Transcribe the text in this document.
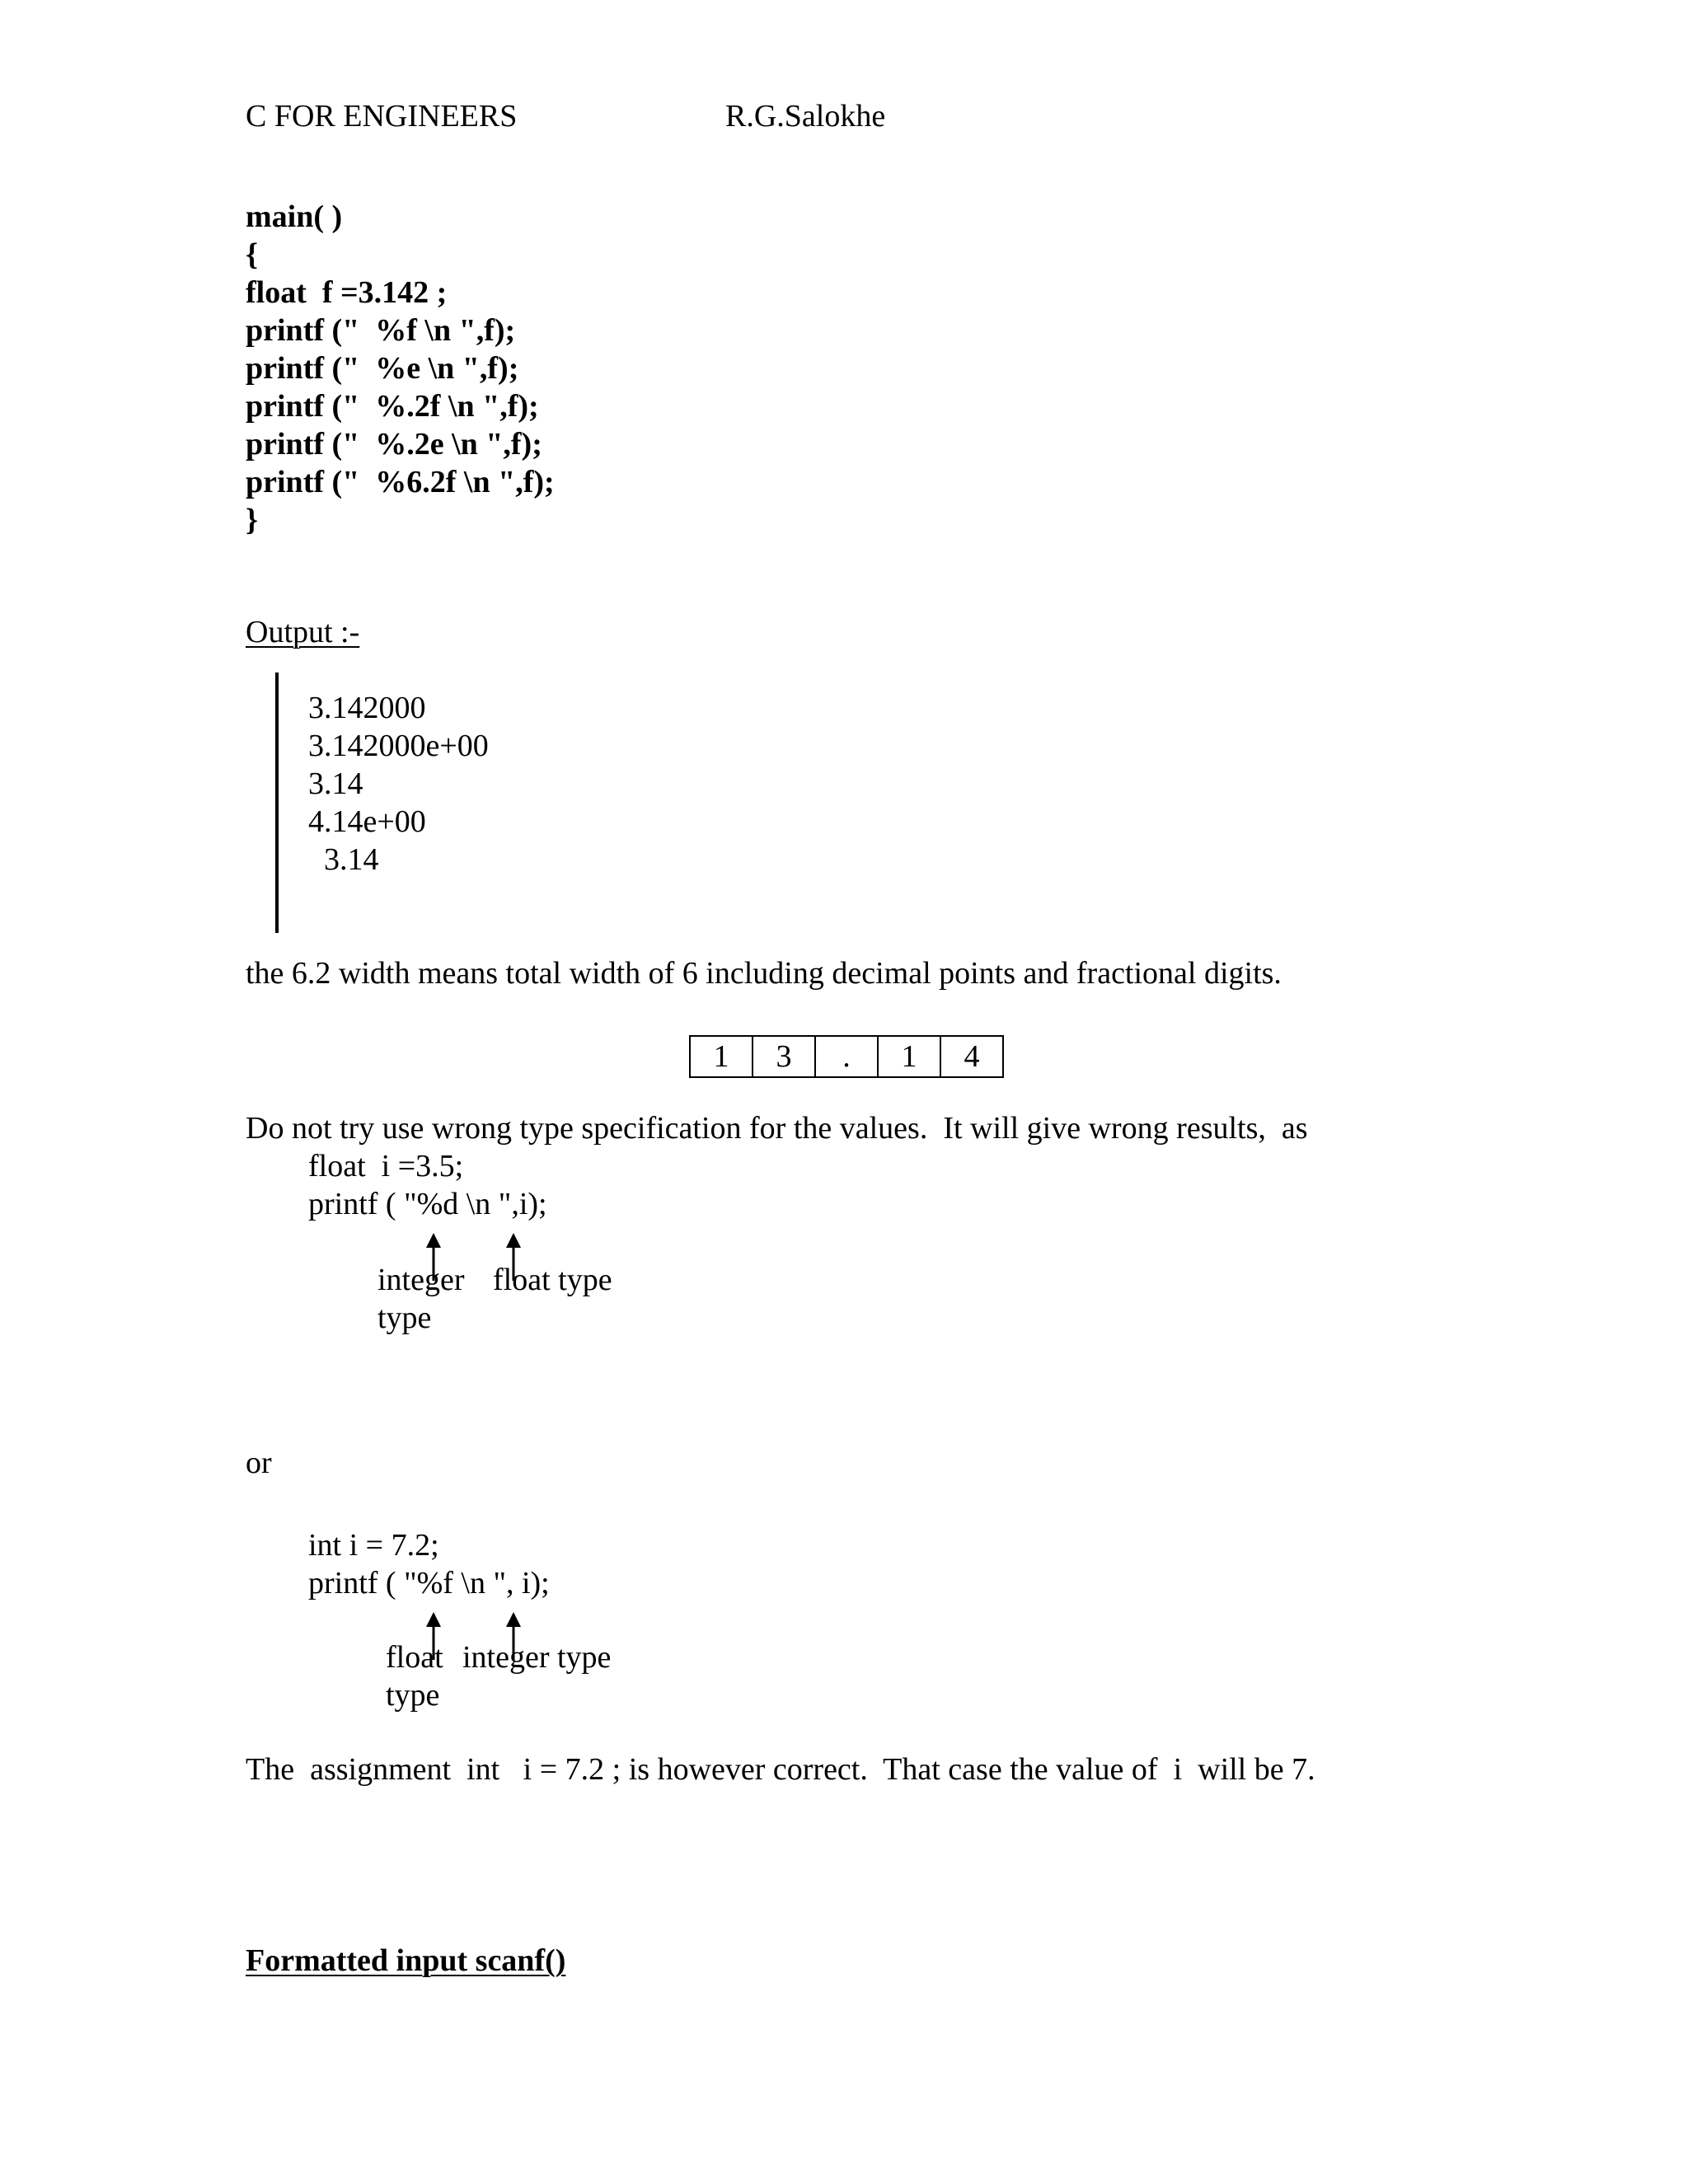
C FOR ENGINEERS	R.G.Salokhe
main( )
{
float  f =3.142 ;
printf ("  %f \n ",f);
printf ("  %e \n ",f);
printf ("  %.2f \n ",f);
printf ("  %.2e \n ",f);
printf ("  %6.2f \n ",f);
}
Output :-
3.142000
3.142000e+00
3.14
4.14e+00
3.14
the 6.2 width means total width of 6 including decimal points and fractional digits.
1	3	.	1	4
Do not try use wrong type specification for the values.  It will give wrong results,  as
float  i =3.5;
printf ( "%d \n ",i);
integer float type
type
or
int i = 7.2;
printf ( "%f \n ", i);
float integer type
type
The  assignment  int   i = 7.2 ; is however correct.  That case the value of  i  will be 7.
Formatted input scanf()
